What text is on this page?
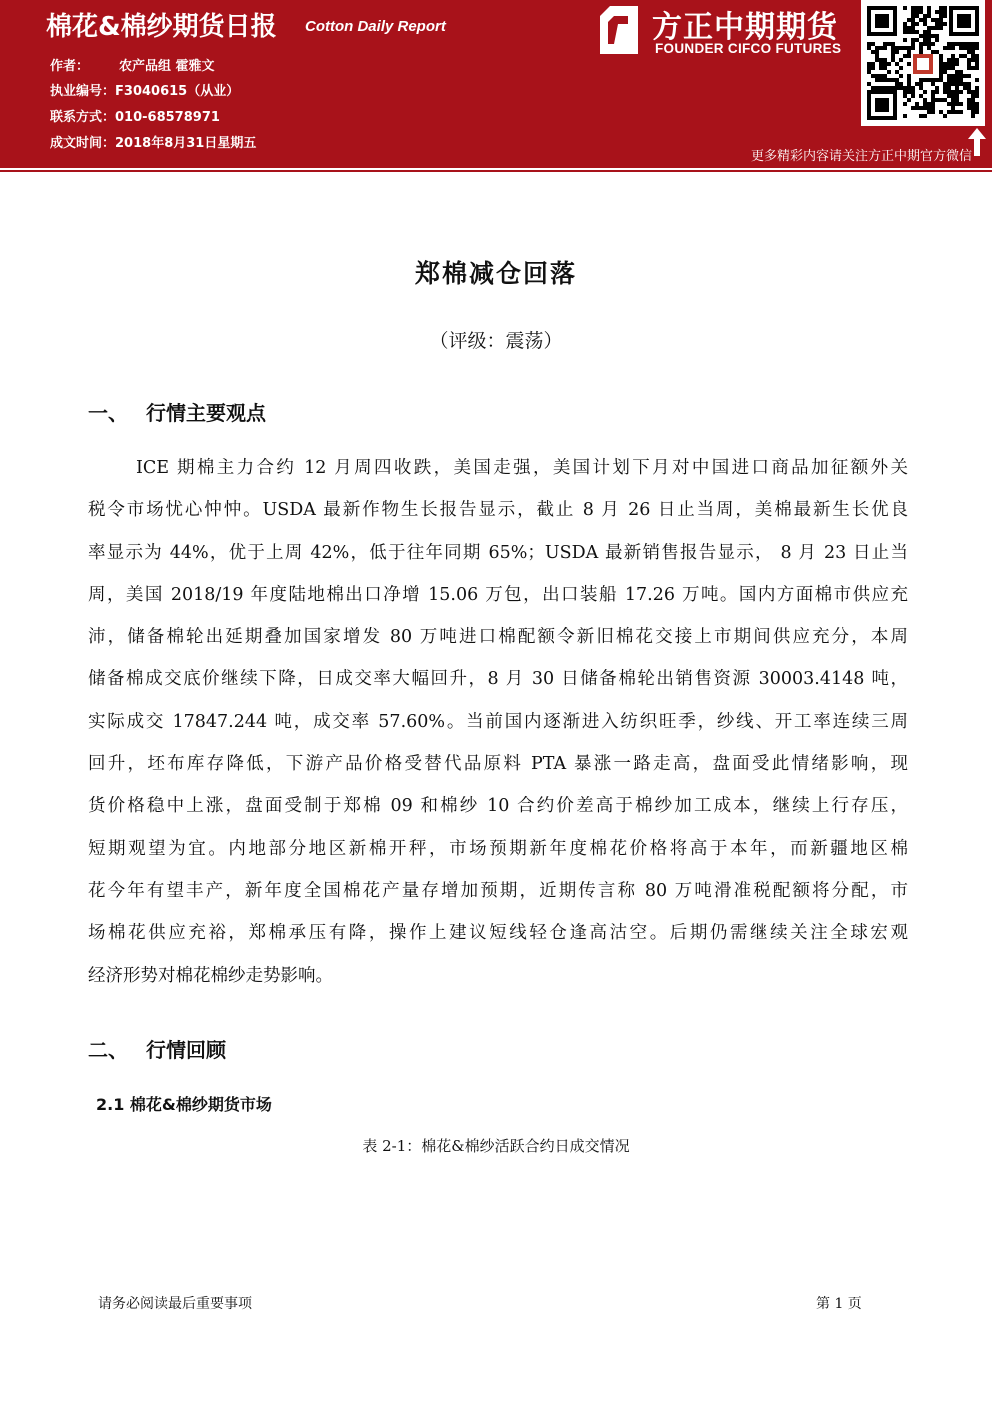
棉花&棉纱期货日报 Cotton Daily Report
作者： 农产品组 霍雅文
执业编号：F3040615（从业）
联系方式：010-68578971
成文时间：2018年8月31日星期五
方正中期期货
FOUNDER CIFCO FUTURES
更多精彩内容请关注方正中期官方微信
郑棉减仓回落
（评级：震荡）
一、 行情主要观点
ICE 期棉主力合约 12 月周四收跌，美国走强，美国计划下月对中国进口商品加征额外关
税令市场忧心忡忡。USDA 最新作物生长报告显示，截止 8 月 26 日止当周，美棉最新生长优良
率显示为 44%，优于上周 42%，低于往年同期 65%；USDA 最新销售报告显示， 8 月 23 日止当
周，美国 2018/19 年度陆地棉出口净增 15.06 万包，出口装船 17.26 万吨。国内方面棉市供应充
沛，储备棉轮出延期叠加国家增发 80 万吨进口棉配额令新旧棉花交接上市期间供应充分，本周
储备棉成交底价继续下降，日成交率大幅回升，8 月 30 日储备棉轮出销售资源 30003.4148 吨，
实际成交 17847.244 吨，成交率 57.60%。当前国内逐渐进入纺织旺季，纱线、开工率连续三周
回升，坯布库存降低，下游产品价格受替代品原料 PTA 暴涨一路走高，盘面受此情绪影响，现
货价格稳中上涨，盘面受制于郑棉 09 和棉纱 10 合约价差高于棉纱加工成本，继续上行存压，
短期观望为宜。内地部分地区新棉开秤，市场预期新年度棉花价格将高于本年，而新疆地区棉
花今年有望丰产，新年度全国棉花产量存增加预期，近期传言称 80 万吨滑准税配额将分配，市
场棉花供应充裕，郑棉承压有降，操作上建议短线轻仓逢高沽空。后期仍需继续关注全球宏观
经济形势对棉花棉纱走势影响。
二、 行情回顾
2.1 棉花&棉纱期货市场
表 2-1：棉花&棉纱活跃合约日成交情况
请务必阅读最后重要事项	第 1 页
